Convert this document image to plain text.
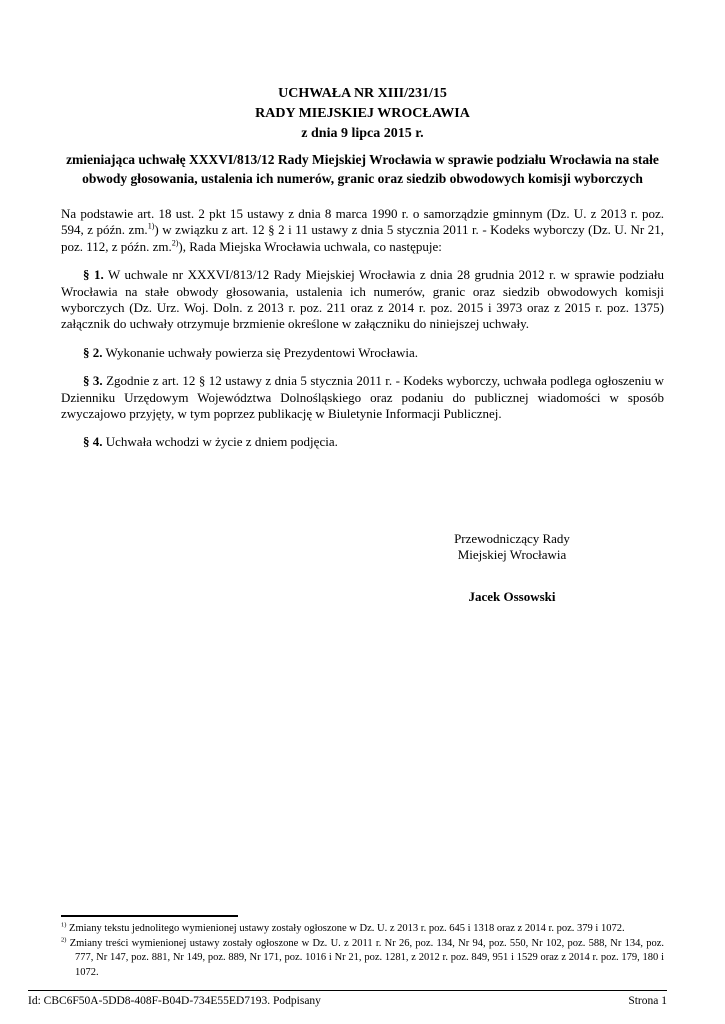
UCHWAŁA NR XIII/231/15
RADY MIEJSKIEJ WROCŁAWIA
z dnia 9 lipca 2015 r.
zmieniająca uchwałę XXXVI/813/12 Rady Miejskiej Wrocławia w sprawie podziału Wrocławia na stałe obwody głosowania, ustalenia ich numerów, granic oraz siedzib obwodowych komisji wyborczych

Na podstawie art. 18 ust. 2 pkt 15 ustawy z dnia 8 marca 1990 r. o samorządzie gminnym (Dz. U. z 2013 r. poz. 594, z późn. zm.$^{1)}$) w związku z art. 12 § 2 i 11 ustawy z dnia 5 stycznia 2011 r. - Kodeks wyborczy (Dz. U. Nr 21, poz. 112, z późn. zm.$^{2)}$), Rada Miejska Wrocławia uchwala, co następuje:

§ 1. W uchwale nr XXXVI/813/12 Rady Miejskiej Wrocławia z dnia 28 grudnia 2012 r. w sprawie podziału Wrocławia na stałe obwody głosowania, ustalenia ich numerów, granic oraz siedzib obwodowych komisji wyborczych (Dz. Urz. Woj. Doln. z 2013 r. poz. 211 oraz z 2014 r. poz. 2015 i 3973 oraz z 2015 r. poz. 1375) załącznik do uchwały otrzymuje brzmienie określone w załączniku do niniejszej uchwały.

§ 2. Wykonanie uchwały powierza się Prezydentowi Wrocławia.

§ 3. Zgodnie z art. 12 § 12 ustawy z dnia 5 stycznia 2011 r. - Kodeks wyborczy, uchwała podlega ogłoszeniu w Dzienniku Urzędowym Województwa Dolnośląskiego oraz podaniu do publicznej wiadomości w sposób zwyczajowo przyjęty, w tym poprzez publikację w Biuletynie Informacji Publicznej.

§ 4. Uchwała wchodzi w życie z dniem podjęcia.

Przewodniczący Rady
Miejskiej Wrocławia
Jacek Ossowski
$^{1)}$ Zmiany tekstu jednolitego wymienionej ustawy zostały ogłoszone w Dz. U. z 2013 r. poz. 645 i 1318 oraz z 2014 r. poz. 379 i 1072.
$^{2)}$ Zmiany treści wymienionej ustawy zostały ogłoszone w Dz. U. z 2011 r. Nr 26, poz. 134, Nr 94, poz. 550, Nr 102, poz. 588, Nr 134, poz. 777, Nr 147, poz. 881, Nr 149, poz. 889, Nr 171, poz. 1016 i Nr 21, poz. 1281, z 2012 r. poz. 849, 951 i 1529 oraz z 2014 r. poz. 179, 180 i 1072.
Id: CBC6F50A-5DD8-408F-B04D-734E55ED7193. Podpisany	Strona 1
